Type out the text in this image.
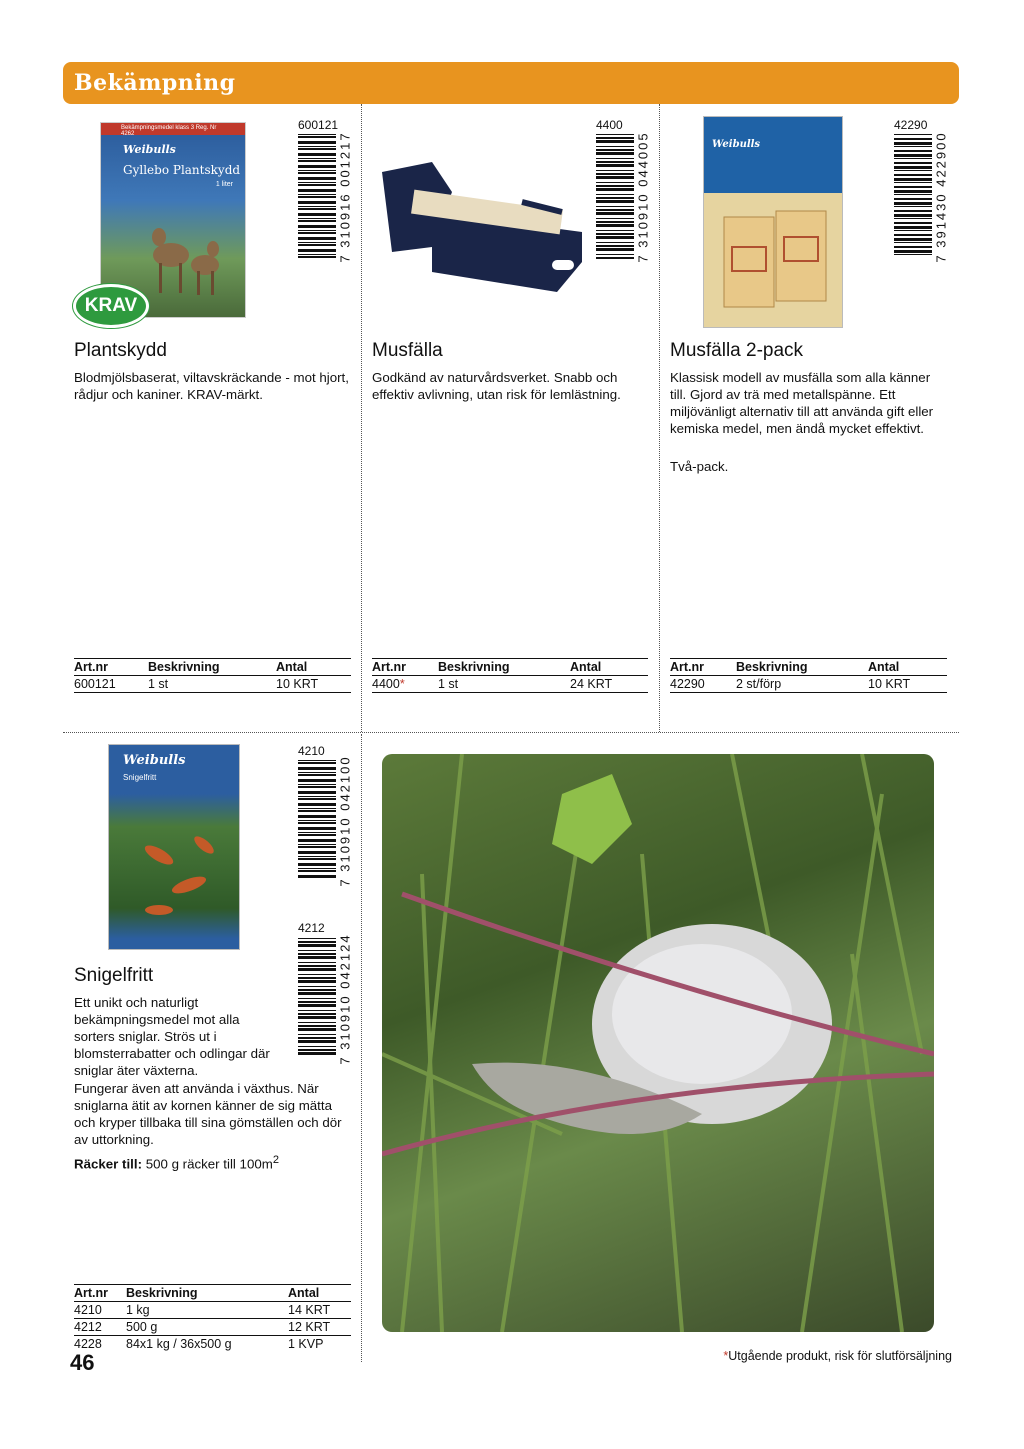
Bekämpning
Bekämpningsmedel klass 3 Reg. Nr 4262
Weibulls
Gyllebo Plantskydd
1 liter
KRAV
600121
7 310916 001217
Plantskydd
Blodmjölsbaserat, viltavskräckande - mot hjort, rådjur och kaniner. KRAV-märkt.
Art.nr	Beskrivning	Antal
600121	1 st	10 KRT
4400
7 310910 044005
Musfälla
Godkänd av naturvårdsverket. Snabb och effektiv avlivning, utan risk för lemlästning.
Art.nr	Beskrivning	Antal
4400*	1 st	24 KRT
Weibulls
42290
7 391430 422900
Musfälla 2-pack
Klassisk modell av musfälla som alla känner till. Gjord av trä med metallspänne. Ett miljövänligt alternativ till att använda gift eller kemiska medel, men ändå mycket effektivt.
Två-pack.
Art.nr	Beskrivning	Antal
42290	2 st/förp	10 KRT
Weibulls
Snigelfritt
4210
7 310910 042100
4212
7 310910 042124
Snigelfritt
Ett unikt och naturligt bekämpningsmedel mot alla sorters sniglar. Strös ut i blomsterrabatter och odlingar där sniglar äter växterna.
Fungerar även att använda i växthus. När sniglarna ätit av kornen känner de sig mätta och kryper tillbaka till sina gömställen och dör av uttorkning.
Räcker till: 500 g räcker till $100m^2$
Art.nr	Beskrivning	Antal
4210	1 kg	14 KRT
4212	500 g	12 KRT
4228	84x1 kg / 36x500 g	1 KVP
46	*Utgående produkt, risk för slutförsäljning
